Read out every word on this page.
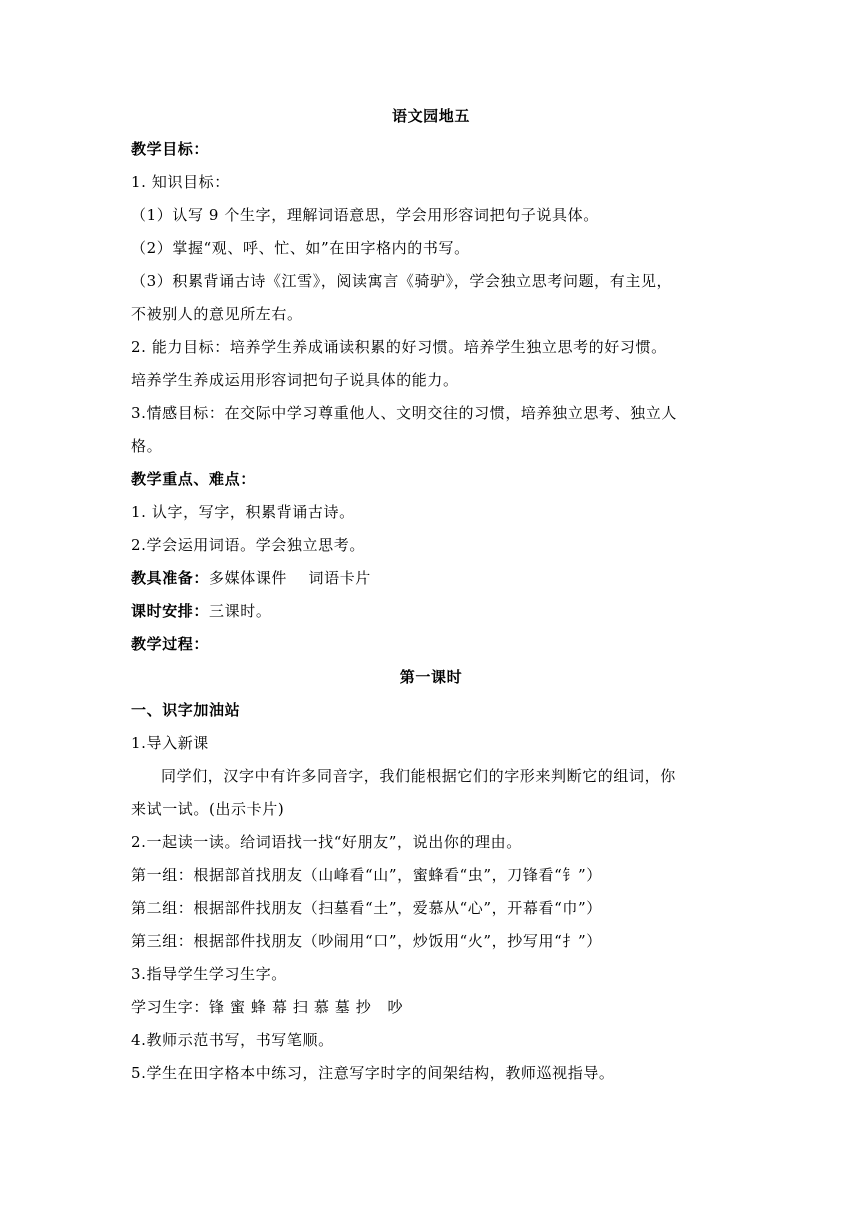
语文园地五
教学目标：
1. 知识目标：
（1）认写 9 个生字，理解词语意思，学会用形容词把句子说具体。
（2）掌握“观、呼、忙、如”在田字格内的书写。
（3）积累背诵古诗《江雪》，阅读寓言《骑驴》，学会独立思考问题，有主见，
不被别人的意见所左右。
2. 能力目标：培养学生养成诵读积累的好习惯。培养学生独立思考的好习惯。
培养学生养成运用形容词把句子说具体的能力。
3.情感目标：在交际中学习尊重他人、文明交往的习惯，培养独立思考、独立人
格。
教学重点、难点：
1. 认字，写字，积累背诵古诗。
2.学会运用词语。学会独立思考。
教具准备：多媒体课件    词语卡片
课时安排：三课时。
教学过程：
第一课时
一、识字加油站
1.导入新课
同学们，汉字中有许多同音字，我们能根据它们的字形来判断它的组词，你
来试一试。(出示卡片)
2.一起读一读。给词语找一找“好朋友”，说出你的理由。
第一组：根据部首找朋友（山峰看“山”，蜜蜂看“虫”，刀锋看“钅”）
第二组：根据部件找朋友（扫墓看“土”，爱慕从“心”，开幕看“巾”）
第三组：根据部件找朋友（吵闹用“口”，炒饭用“火”，抄写用“扌”）
3.指导学生学习生字。
学习生字：锋 蜜 蜂 幕 扫 慕 墓 抄   吵
4.教师示范书写，书写笔顺。
5.学生在田字格本中练习，注意写字时字的间架结构，教师巡视指导。
